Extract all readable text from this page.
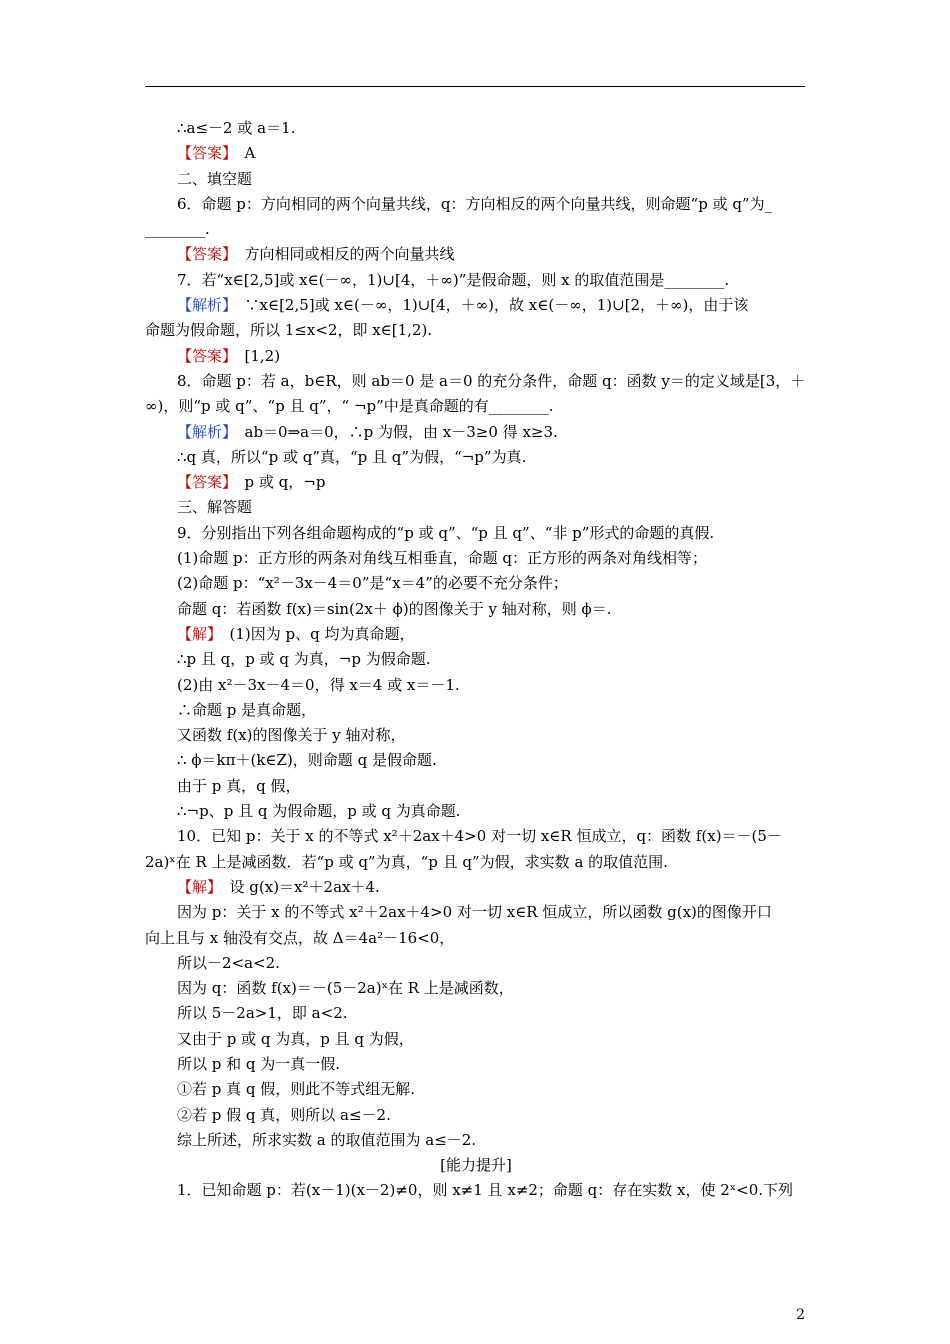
∴a≤－2 或 a＝1.
【答案】　A
二、填空题
6．命题 p：方向相同的两个向量共线，q：方向相反的两个向量共线，则命题“p 或 q”为_
________.
【答案】　方向相同或相反的两个向量共线
7．若“x∈[2,5]或 x∈(－∞，1)∪[4，＋∞)”是假命题，则 x 的取值范围是________.
【解析】　∵x∈[2,5]或 x∈(－∞，1)∪[4，＋∞)，故 x∈(－∞，1)∪[2，＋∞)，由于该
命题为假命题，所以 1≤x<2，即 x∈[1,2).
【答案】　[1,2)
8．命题 p：若 a，b∈R，则 ab＝0 是 a＝0 的充分条件，命题 q：函数 y＝的定义域是[3，＋
∞)，则“p 或 q”、“p 且 q”，“ ¬p”中是真命题的有________.
【解析】　ab＝0⇒a＝0，∴p 为假，由 x－3≥0 得 x≥3.
∴q 真，所以“p 或 q”真，“p 且 q”为假，“¬p”为真.
【答案】　p 或 q，¬p
三、解答题
9．分别指出下列各组命题构成的“p 或 q”、“p 且 q”、“非 p”形式的命题的真假.
(1)命题 p：正方形的两条对角线互相垂直，命题 q：正方形的两条对角线相等；
(2)命题 p：“x²－3x－4＝0”是“x＝4”的必要不充分条件；
命题 q：若函数 f(x)＝sin(2x＋ ϕ)的图像关于 y 轴对称，则 ϕ＝.
【解】　(1)因为 p、q 均为真命题，
∴p 且 q，p 或 q 为真，¬p 为假命题.
(2)由 x²－3x－4＝0，得 x＝4 或 x＝－1.
∴命题 p 是真命题，
又函数 f(x)的图像关于 y 轴对称，
∴ ϕ＝kπ＋(k∈Z)，则命题 q 是假命题.
由于 p 真，q 假，
∴¬p、p 且 q 为假命题，p 或 q 为真命题.
10．已知 p：关于 x 的不等式 x²＋2ax＋4>0 对一切 x∈R 恒成立，q：函数 f(x)＝－(5－
2a)ˣ在 R 上是减函数．若“p 或 q”为真，“p 且 q”为假，求实数 a 的取值范围.
【解】　设 g(x)＝x²＋2ax＋4.
因为 p：关于 x 的不等式 x²＋2ax＋4>0 对一切 x∈R 恒成立，所以函数 g(x)的图像开口
向上且与 x 轴没有交点，故 Δ＝4a²－16<0，
所以－2<a<2.
因为 q：函数 f(x)＝－(5－2a)ˣ在 R 上是减函数，
所以 5－2a>1，即 a<2.
又由于 p 或 q 为真，p 且 q 为假，
所以 p 和 q 为一真一假.
①若 p 真 q 假，则此不等式组无解.
②若 p 假 q 真，则所以 a≤－2.
综上所述，所求实数 a 的取值范围为 a≤－2.
[能力提升]
1．已知命题 p：若(x－1)(x－2)≠0，则 x≠1 且 x≠2；命题 q：存在实数 x，使 2ˣ<0.下列
2
